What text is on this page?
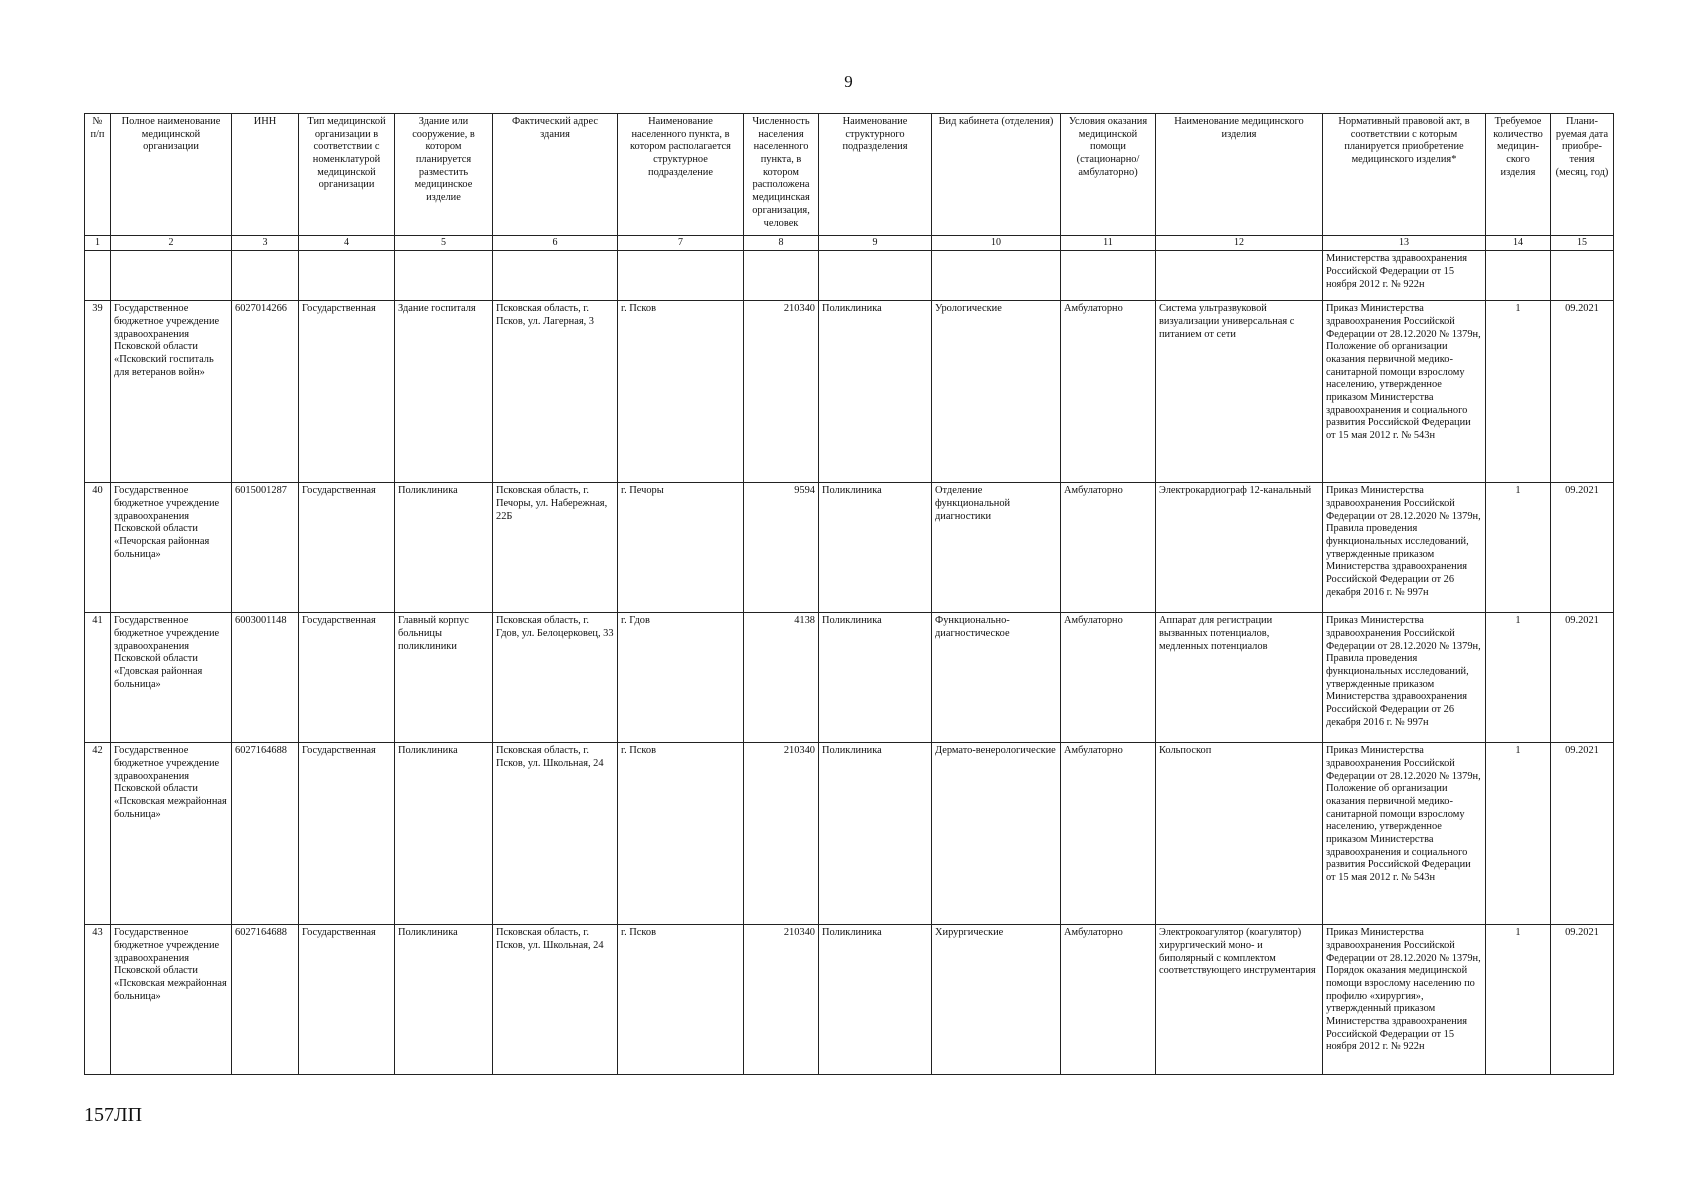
9
№ п/п	Полное наименование медицинской организации	ИНН	Тип медицинской организации в соответствии с номенклатурой медицинской организации	Здание или сооружение, в котором планируется разместить медицинское изделие	Фактический адрес здания	Наименование населенного пункта, в котором располагается структурное подразделение	Численность населения населенного пункта, в котором расположена медицинская организация, человек	Наименование структурного подразделения	Вид кабинета (отделения)	Условия оказания медицинской помощи (стационарно/ амбулаторно)	Наименование медицинского изделия	Нормативный правовой акт, в соответствии с которым планируется приобретение медицинского изделия*	Требуемое количество медицин-ского изделия	Плани-руемая дата приобре-тения (месяц, год)
1	2	3	4	5	6	7	8	9	10	11	12	13	14	15
												Министерства здравоохранения Российской Федерации от 15 ноября 2012 г. № 922н		
39	Государственное бюджетное учреждение здравоохранения Псковской области «Псковский госпиталь для ветеранов войн»	6027014266	Государственная	Здание госпиталя	Псковская область, г. Псков, ул. Лагерная, 3	г. Псков	210340	Поликлиника	Урологические	Амбулаторно	Система ультразвуковой визуализации универсальная с питанием от сети	Приказ Министерства здравоохранения Российской Федерации от 28.12.2020 № 1379н, Положение об организации оказания первичной медико-санитарной помощи взрослому населению, утвержденное приказом Министерства здравоохранения и социального развития Российской Федерации от 15 мая 2012 г. № 543н	1	09.2021
40	Государственное бюджетное учреждение здравоохранения Псковской области «Печорская районная больница»	6015001287	Государственная	Поликлиника	Псковская область, г. Печоры, ул. Набережная, 22Б	г. Печоры	9594	Поликлиника	Отделение функциональной диагностики	Амбулаторно	Электрокардиограф 12-канальный	Приказ Министерства здравоохранения Российской Федерации от 28.12.2020 № 1379н, Правила проведения функциональных исследований, утвержденные приказом Министерства здравоохранения Российской Федерации от 26 декабря 2016 г. № 997н	1	09.2021
41	Государственное бюджетное учреждение здравоохранения Псковской области «Гдовская районная больница»	6003001148	Государственная	Главный корпус больницы поликлиники	Псковская область, г. Гдов, ул. Белоцерковец, 33	г. Гдов	4138	Поликлиника	Функционально-диагностическое	Амбулаторно	Аппарат для регистрации вызванных потенциалов, медленных потенциалов	Приказ Министерства здравоохранения Российской Федерации от 28.12.2020 № 1379н, Правила проведения функциональных исследований, утвержденные приказом Министерства здравоохранения Российской Федерации от 26 декабря 2016 г. № 997н	1	09.2021
42	Государственное бюджетное учреждение здравоохранения Псковской области «Псковская межрайонная больница»	6027164688	Государственная	Поликлиника	Псковская область, г. Псков, ул. Школьная, 24	г. Псков	210340	Поликлиника	Дермато-венерологические	Амбулаторно	Кольпоскоп	Приказ Министерства здравоохранения Российской Федерации от 28.12.2020 № 1379н, Положение об организации оказания первичной медико-санитарной помощи взрослому населению, утвержденное приказом Министерства здравоохранения и социального развития Российской Федерации от 15 мая 2012 г. № 543н	1	09.2021
43	Государственное бюджетное учреждение здравоохранения Псковской области «Псковская межрайонная больница»	6027164688	Государственная	Поликлиника	Псковская область, г. Псков, ул. Школьная, 24	г. Псков	210340	Поликлиника	Хирургические	Амбулаторно	Электрокоагулятор (коагулятор) хирургический моно- и биполярный с комплектом соответствующего инструментария	Приказ Министерства здравоохранения Российской Федерации от 28.12.2020 № 1379н, Порядок оказания медицинской помощи взрослому населению по профилю «хирургия», утвержденный приказом Министерства здравоохранения Российской Федерации от 15 ноября 2012 г. № 922н	1	09.2021
157ЛП
